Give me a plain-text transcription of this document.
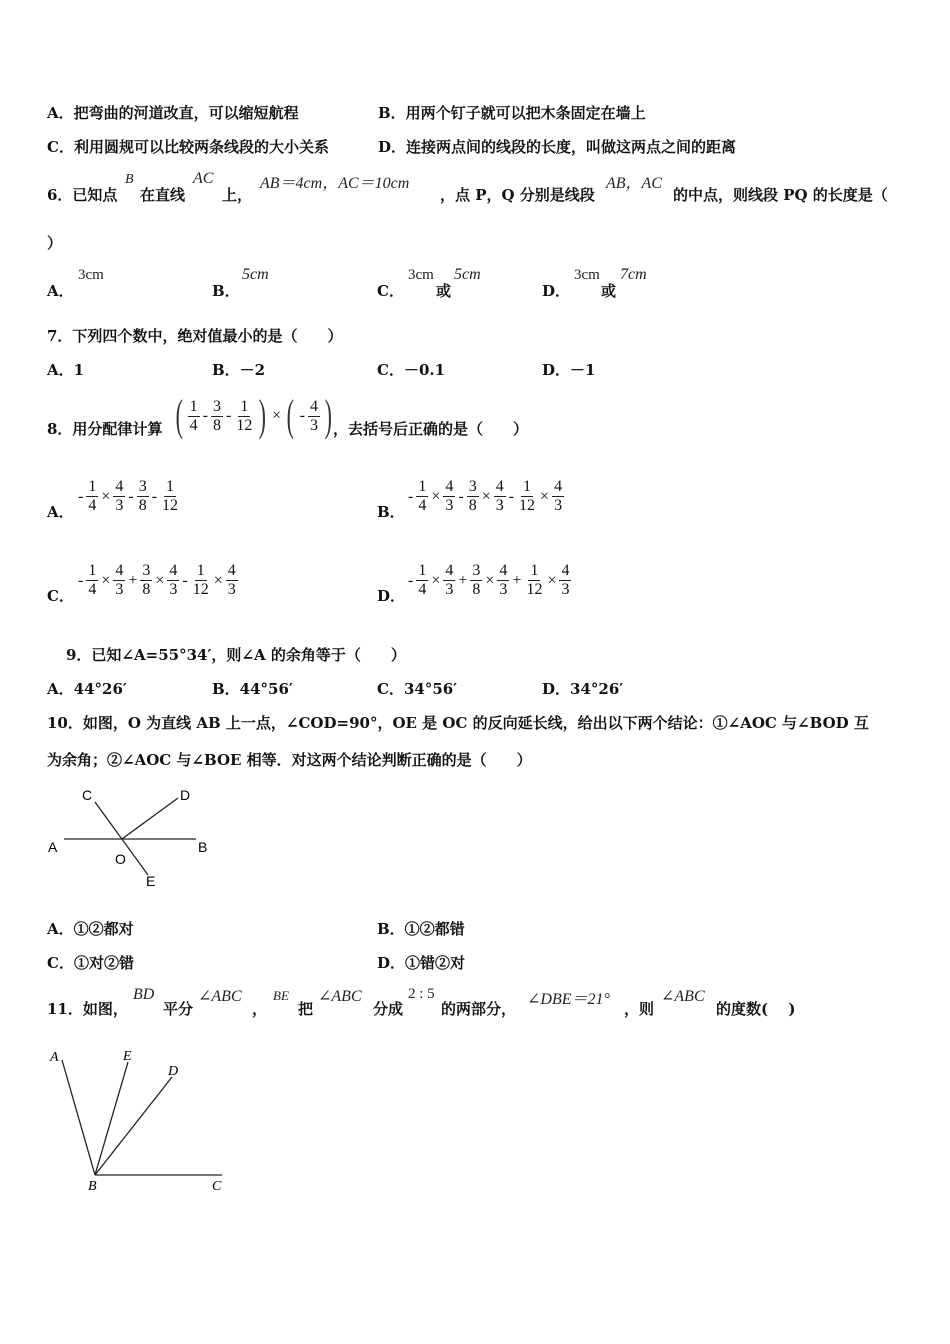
A．把弯曲的河道改直，可以缩短航程	B．用两个钉子就可以把木条固定在墙上
C．利用圆规可以比较两条线段的大小关系	D．连接两点间的线段的长度，叫做这两点之间的距离
6．已知点
B
在直线
AC
上，
AB＝4cm，AC＝10cm
，点 P，Q 分别是线段
AB，AC
的中点，则线段 PQ 的长度是（
）
A．
3cm
B．
5cm
C．
3cm
或
5cm
D．
3cm
或
7cm
7．下列四个数中，绝对值最小的是（　　）
A．1	B．－2	C．－0.1	D．－1
8．用分配律计算 ( $\frac{1}{4} - \frac{3}{8} - \frac{1}{12}$ ) × ( - $\frac{4}{3}$ ) ，去括号后正确的是（　　）
A．
- $\frac{1}{4} \times \frac{4}{3} - \frac{3}{8} - \frac{1}{12}$	B．
- $\frac{1}{4} \times \frac{4}{3} - \frac{3}{8} \times \frac{4}{3} - \frac{1}{12} \times \frac{4}{3}$
C．
- $\frac{1}{4} \times \frac{4}{3} + \frac{3}{8} \times \frac{4}{3} - \frac{1}{12} \times \frac{4}{3}$	D．
- $\frac{1}{4} \times \frac{4}{3} + \frac{3}{8} \times \frac{4}{3} + \frac{1}{12} \times \frac{4}{3}$
9．已知∠A=55°34′，则∠A 的余角等于（　　）
A．44°26′	B．44°56′	C．34°56′	D．34°26′
10．如图，O 为直线 AB 上一点，∠COD=90°，OE 是 OC 的反向延长线，给出以下两个结论：①∠AOC 与∠BOD 互
为余角；②∠AOC 与∠BOE 相等．对这两个结论判断正确的是（　　）
A	B
C	D
O
E
A．①②都对	B．①②都错
C．①对②错	D．①错②对
11．如图，
BD
平分
∠ABC
，
BE
把
∠ABC
分成
2 : 5
的两部分，
∠DBE＝21°
，则
∠ABC
的度数(　 )
A	E
D
B	C
